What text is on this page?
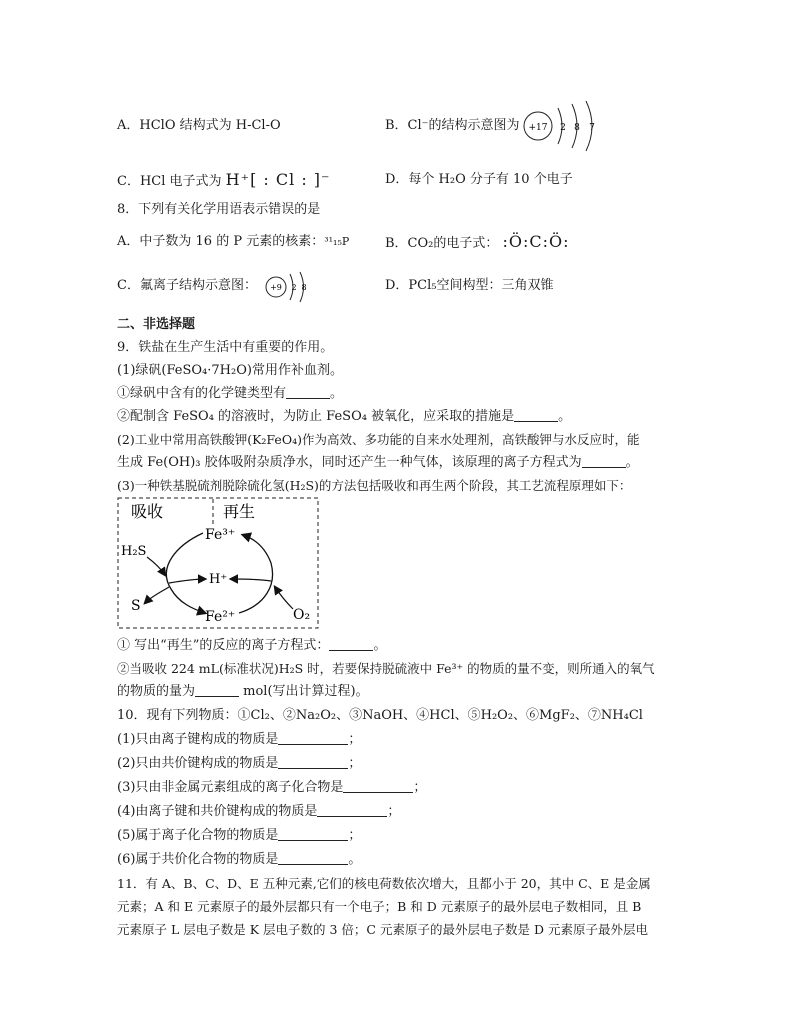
A．HClO 结构式为 H-Cl-O	B．Cl⁻的结构示意图为 +17 2 8 7
C．HCl 电子式为 H⁺[ : Cl : ]⁻	D．每个 H₂O 分子有 10 个电子
8．下列有关化学用语表示错误的是
A．中子数为 16 的 P 元素的核素：³¹₁₅P	B．CO₂的电子式： :Ö:C:Ö:
C．氟离子结构示意图： +9 2 8	D．PCl₅空间构型：三角双锥
二、非选择题
9．铁盐在生产生活中有重要的作用。
(1)绿矾(FeSO₄·7H₂O)常用作补血剂。
①绿矾中含有的化学键类型有	。
②配制含 FeSO₄ 的溶液时，为防止 FeSO₄ 被氧化，应采取的措施是	。
(2)工业中常用高铁酸钾(K₂FeO₄)作为高效、多功能的自来水处理剂，高铁酸钾与水反应时，能
生成 Fe(OH)₃ 胶体吸附杂质净水，同时还产生一种气体，该原理的离子方程式为	。
(3)一种铁基脱硫剂脱除硫化氢(H₂S)的方法包括吸收和再生两个阶段，其工艺流程原理如下：
吸收	再生
Fe³⁺
H₂S
H⁺
S
Fe²⁺	O₂
① 写出“再生”的反应的离子方程式：	。
②当吸收 224 mL(标准状况)H₂S 时，若要保持脱硫液中 Fe³⁺ 的物质的量不变，则所通入的氧气
的物质的量为	mol(写出计算过程)。
10．现有下列物质：①Cl₂、②Na₂O₂、③NaOH、④HCl、⑤H₂O₂、⑥MgF₂、⑦NH₄Cl
(1)只由离子键构成的物质是	；
(2)只由共价键构成的物质是	；
(3)只由非金属元素组成的离子化合物是	；
(4)由离子键和共价键构成的物质是	；
(5)属于离子化合物的物质是	；
(6)属于共价化合物的物质是	。
11．有 A、B、C、D、E 五种元素,它们的核电荷数依次增大，且都小于 20，其中 C、E 是金属
元素；A 和 E 元素原子的最外层都只有一个电子；B 和 D 元素原子的最外层电子数相同，且 B
元素原子 L 层电子数是 K 层电子数的 3 倍；C 元素原子的最外层电子数是 D 元素原子最外层电
